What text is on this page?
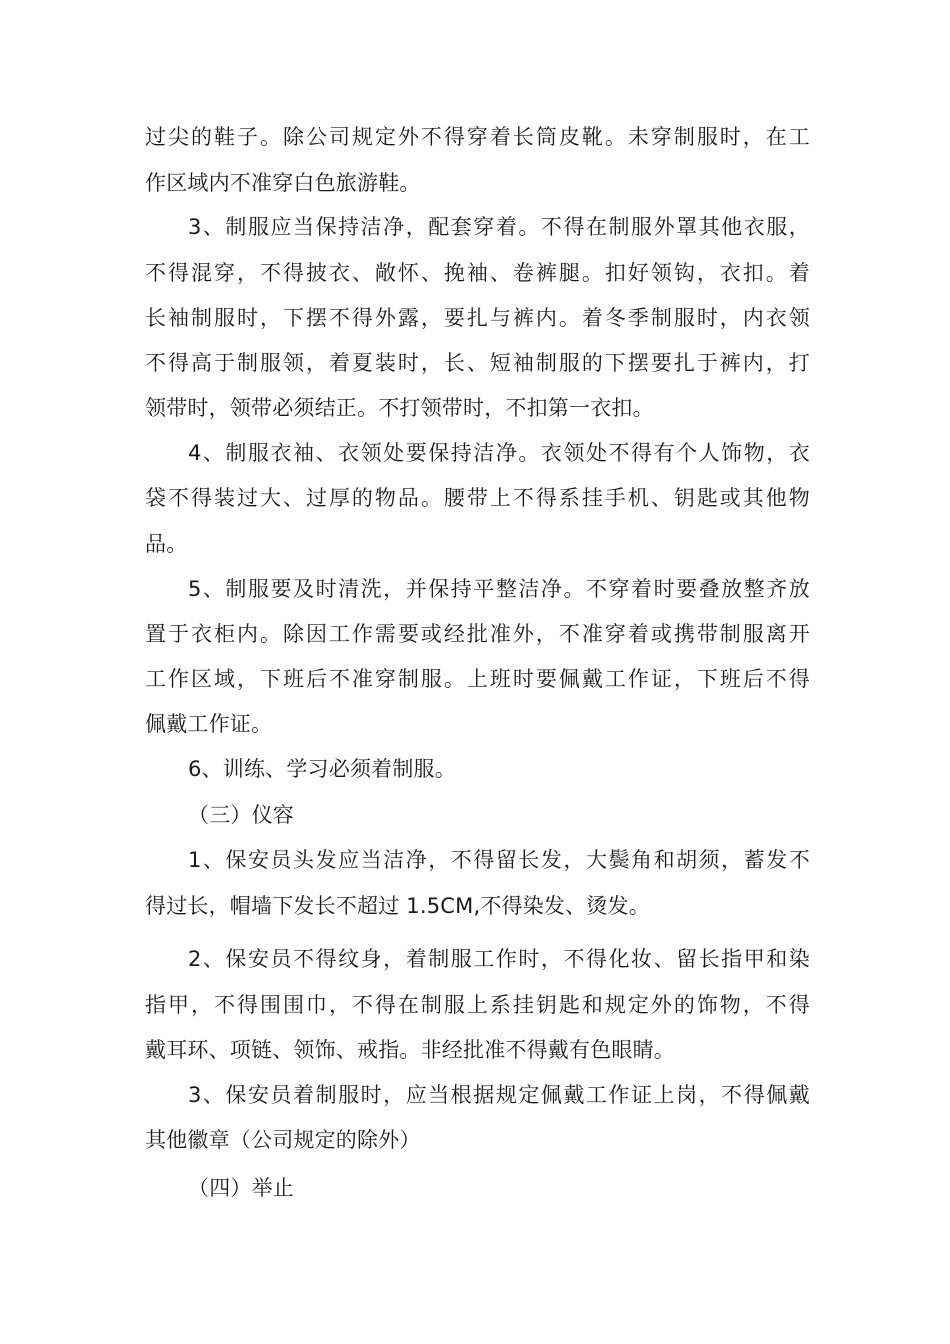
过尖的鞋子。除公司规定外不得穿着长筒皮靴。未穿制服时，在工
作区域内不准穿白色旅游鞋。
3、制服应当保持洁净，配套穿着。不得在制服外罩其他衣服，
不得混穿，不得披衣、敞怀、挽袖、卷裤腿。扣好领钩，衣扣。着
长袖制服时，下摆不得外露，要扎与裤内。着冬季制服时，内衣领
不得高于制服领，着夏装时，长、短袖制服的下摆要扎于裤内，打
领带时，领带必须结正。不打领带时，不扣第一衣扣。
4、制服衣袖、衣领处要保持洁净。衣领处不得有个人饰物，衣
袋不得装过大、过厚的物品。腰带上不得系挂手机、钥匙或其他物
品。
5、制服要及时清洗，并保持平整洁净。不穿着时要叠放整齐放
置于衣柜内。除因工作需要或经批准外，不准穿着或携带制服离开
工作区域，下班后不准穿制服。上班时要佩戴工作证，下班后不得
佩戴工作证。
6、训练、学习必须着制服。
（三）仪容
1、保安员头发应当洁净，不得留长发，大鬓角和胡须，蓄发不
得过长，帽墙下发长不超过 1.5CM,不得染发、烫发。
2、保安员不得纹身，着制服工作时，不得化妆、留长指甲和染
指甲，不得围围巾，不得在制服上系挂钥匙和规定外的饰物，不得
戴耳环、项链、领饰、戒指。非经批准不得戴有色眼睛。
3、保安员着制服时，应当根据规定佩戴工作证上岗，不得佩戴
其他徽章（公司规定的除外）
（四）举止
